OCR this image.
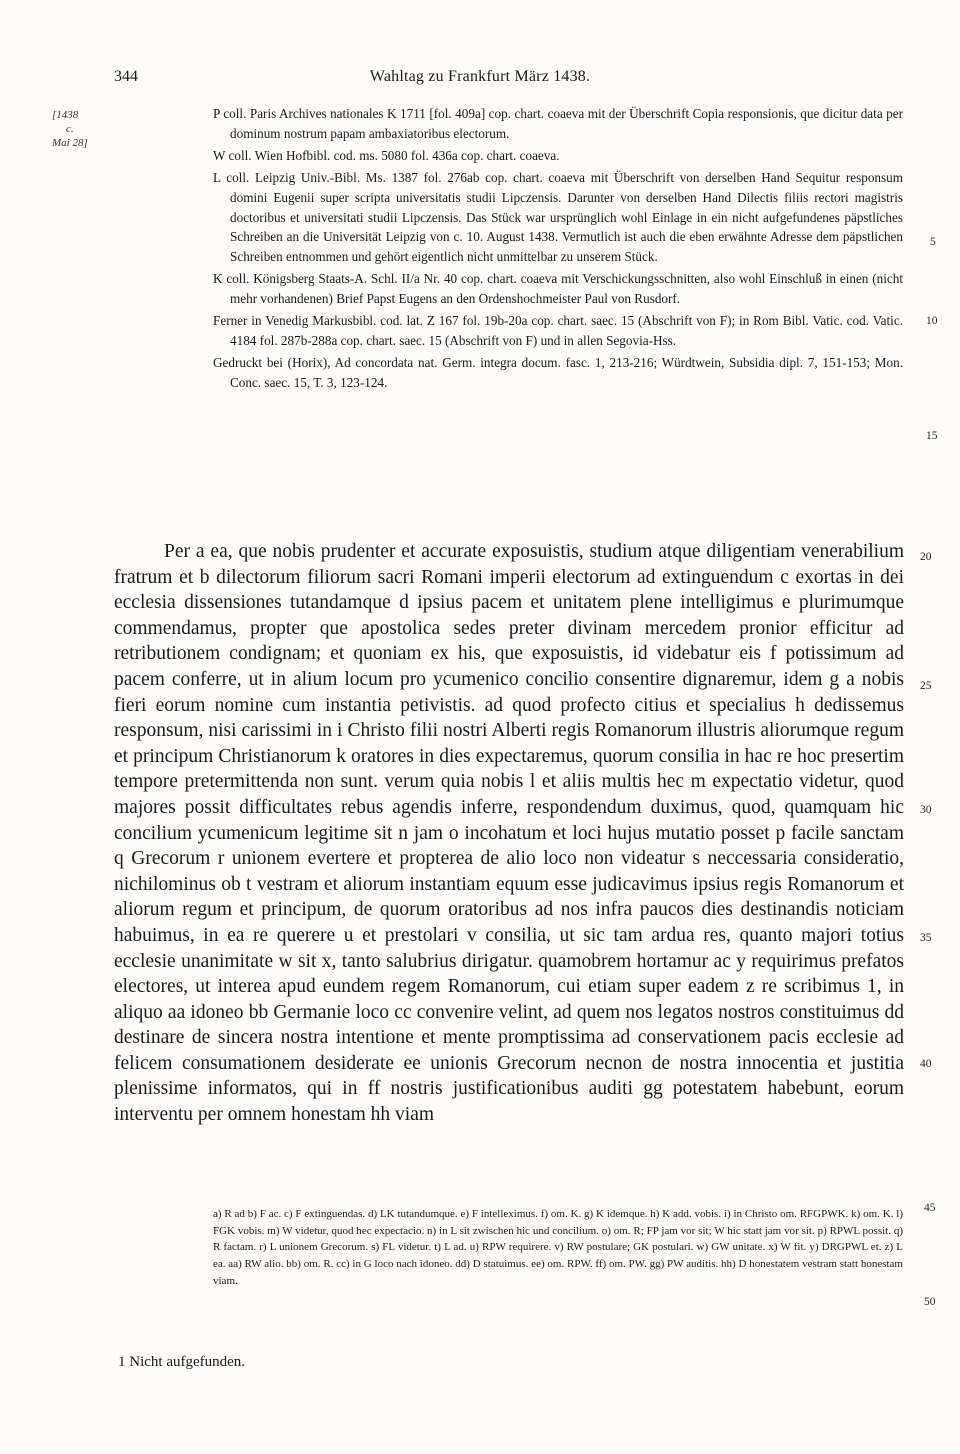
344	Wahltag zu Frankfurt März 1438.
[1438
c.
Mai 28]

P coll. Paris Archives nationales K 1711 [fol. 409a] cop. chart. coaeva mit der Überschrift Copia responsionis, que dicitur data per dominum nostrum papam ambaxiatoribus electorum.

W coll. Wien Hofbibl. cod. ms. 5080 fol. 436a cop. chart. coaeva.

L coll. Leipzig Univ.-Bibl. Ms. 1387 fol. 276ab cop. chart. coaeva mit Überschrift von derselben Hand Sequitur responsum domini Eugenii super scripta universitatis studii Lipczensis. Darunter von derselben Hand Dilectis filiis rectori magistris doctoribus et universitati studii Lipczensis. Das Stück war ursprünglich wohl Einlage in ein nicht aufgefundenes päpstliches Schreiben an die Universität Leipzig von c. 10. August 1438. Vermutlich ist auch die eben erwähnte Adresse dem päpstlichen Schreiben entnommen und gehört eigentlich nicht unmittelbar zu unserem Stück.

K coll. Königsberg Staats-A. Schl. II/a Nr. 40 cop. chart. coaeva mit Verschickungsschnitten, also wohl Einschluß in einen (nicht mehr vorhandenen) Brief Papst Eugens an den Ordenshochmeister Paul von Rusdorf.

Ferner in Venedig Markusbibl. cod. lat. Z 167 fol. 19b-20a cop. chart. saec. 15 (Abschrift von F); in Rom Bibl. Vatic. cod. Vatic. 4184 fol. 287b-288a cop. chart. saec. 15 (Abschrift von F) und in allen Segovia-Hss.

Gedruckt bei (Horix), Ad concordata nat. Germ. integra docum. fasc. 1, 213-216; Würdtwein, Subsidia dipl. 7, 151-153; Mon. Conc. saec. 15, T. 3, 123-124.

5
10
15
20
25
30
35
40
45
50

Per a ea, que nobis prudenter et accurate exposuistis, studium atque diligentiam venerabilium fratrum et b dilectorum filiorum sacri Romani imperii electorum ad extinguendum c exortas in dei ecclesia dissensiones tutandamque d ipsius pacem et unitatem plene intelligimus e plurimumque commendamus, propter que apostolica sedes preter divinam mercedem pronior efficitur ad retributionem condignam; et quoniam ex his, que exposuistis, id videbatur eis f potissimum ad pacem conferre, ut in alium locum pro ycumenico concilio consentire dignaremur, idem g a nobis fieri eorum nomine cum instantia petivistis. ad quod profecto citius et specialius h dedissemus responsum, nisi carissimi in i Christo filii nostri Alberti regis Romanorum illustris aliorumque regum et principum Christianorum k oratores in dies expectaremus, quorum consilia in hac re hoc presertim tempore pretermittenda non sunt. verum quia nobis l et aliis multis hec m expectatio videtur, quod majores possit difficultates rebus agendis inferre, respondendum duximus, quod, quamquam hic concilium ycumenicum legitime sit n jam o incohatum et loci hujus mutatio posset p facile sanctam q Grecorum r unionem evertere et propterea de alio loco non videatur s neccessaria consideratio, nichilominus ob t vestram et aliorum instantiam equum esse judicavimus ipsius regis Romanorum et aliorum regum et principum, de quorum oratoribus ad nos infra paucos dies destinandis noticiam habuimus, in ea re querere u et prestolari v consilia, ut sic tam ardua res, quanto majori totius ecclesie unanimitate w sit x, tanto salubrius dirigatur. quamobrem hortamur ac y requirimus prefatos electores, ut interea apud eundem regem Romanorum, cui etiam super eadem z re scribimus 1, in aliquo aa idoneo bb Germanie loco cc convenire velint, ad quem nos legatos nostros constituimus dd destinare de sincera nostra intentione et mente promptissima ad conservationem pacis ecclesie ad felicem consumationem desiderate ee unionis Grecorum necnon de nostra innocentia et justitia plenissime informatos, qui in ff nostris justificationibus auditi gg potestatem habebunt, eorum interventu per omnem honestam hh viam

a) R ad b) F ac. c) F extinguendas. d) LK tutandumque. e) F intelleximus. f) om. K. g) K idemque. h) K add. vobis. i) in Christo om. RFGPWK. k) om. K. l) FGK vobis. m) W videtur, quod hec expectacio. n) in L sit zwischen hic und concilium. o) om. R; FP jam vor sit; W hic statt jam vor sit. p) RPWL possit. q) R factam. r) L unionem Grecorum. s) FL videtur. t) L ad. u) RPW requirere. v) RW postulare; GK postulari. w) GW unitate. x) W fit. y) DRGPWL et. z) L ea. aa) RW alio. bb) om. R. cc) in G loco nach idoneo. dd) D statuimus. ee) om. RPW. ff) om. PW. gg) PW auditis. hh) D honestatem vestram statt honestam viam.

1 Nicht aufgefunden.
